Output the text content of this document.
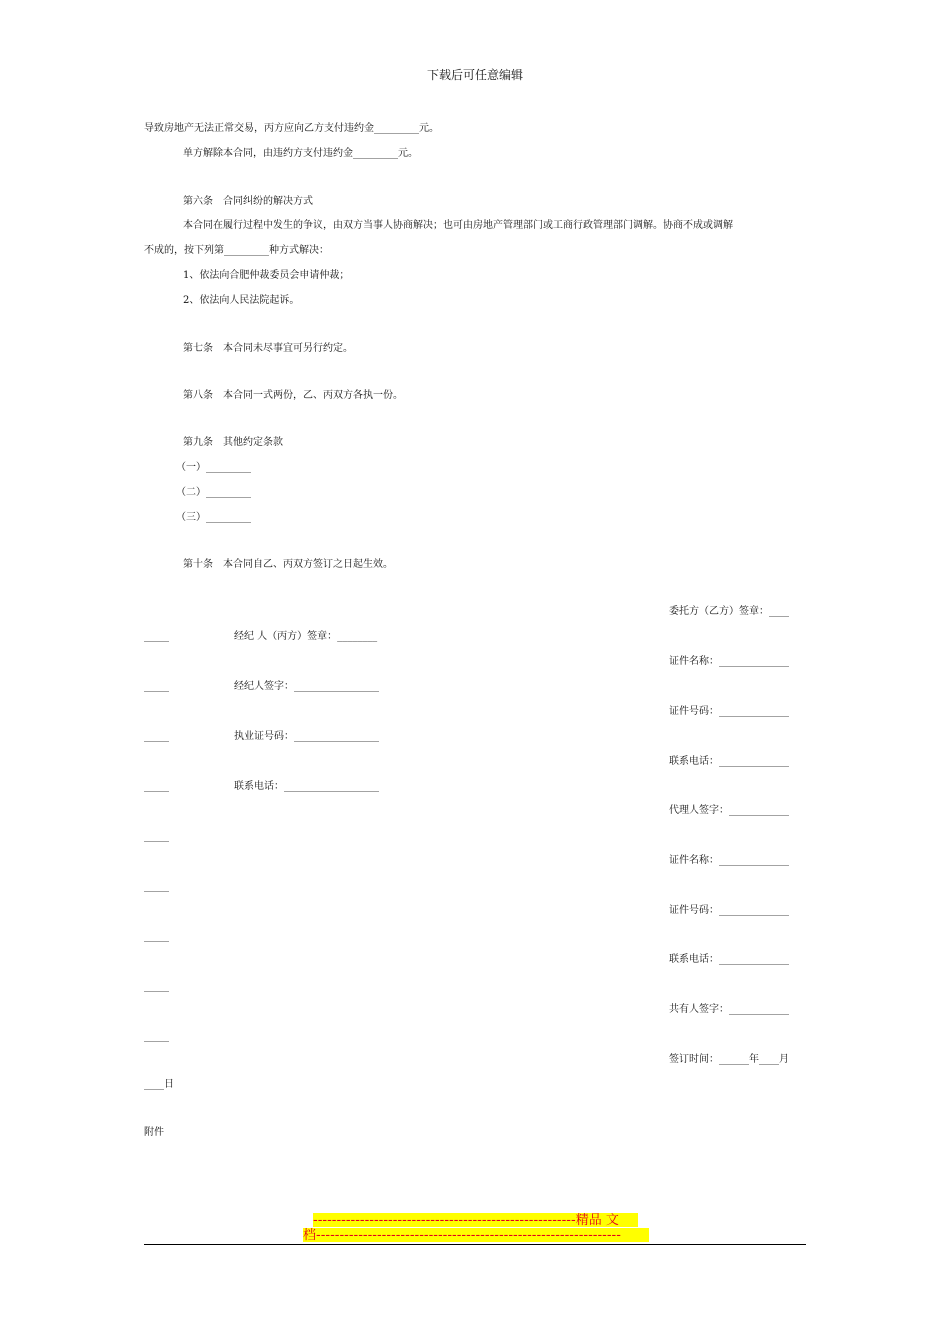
下载后可任意编辑
导致房地产无法正常交易，丙方应向乙方支付违约金_________元。
单方解除本合同，由违约方支付违约金_________元。
第六条　合同纠纷的解决方式
本合同在履行过程中发生的争议，由双方当事人协商解决；也可由房地产管理部门或工商行政管理部门调解。协商不成或调解
不成的，按下列第_________种方式解决：
1、依法向合肥仲裁委员会申请仲裁；
2、依法向人民法院起诉。
第七条　本合同未尽事宜可另行约定。
第八条　本合同一式两份，乙、丙双方各执一份。
第九条　其他约定条款
（一）_________
（二）_________
（三）_________
第十条　本合同自乙、丙双方签订之日起生效。
委托方（乙方）签章：____
证件名称：______________
证件号码：______________
联系电话：______________
代理人签字：____________
证件名称：______________
证件号码：______________
联系电话：______________
共有人签字：____________
签订时间：______年____月
_____
_____
_____
_____
_____
_____
_____
_____
_____
____日
经纪 人（丙方）签章：________
经纪人签字：_________________
执业证号码：_________________
联系电话：___________________
附件
--------------------------------------------------------精品 文
档-----------------------------------------------------------------
